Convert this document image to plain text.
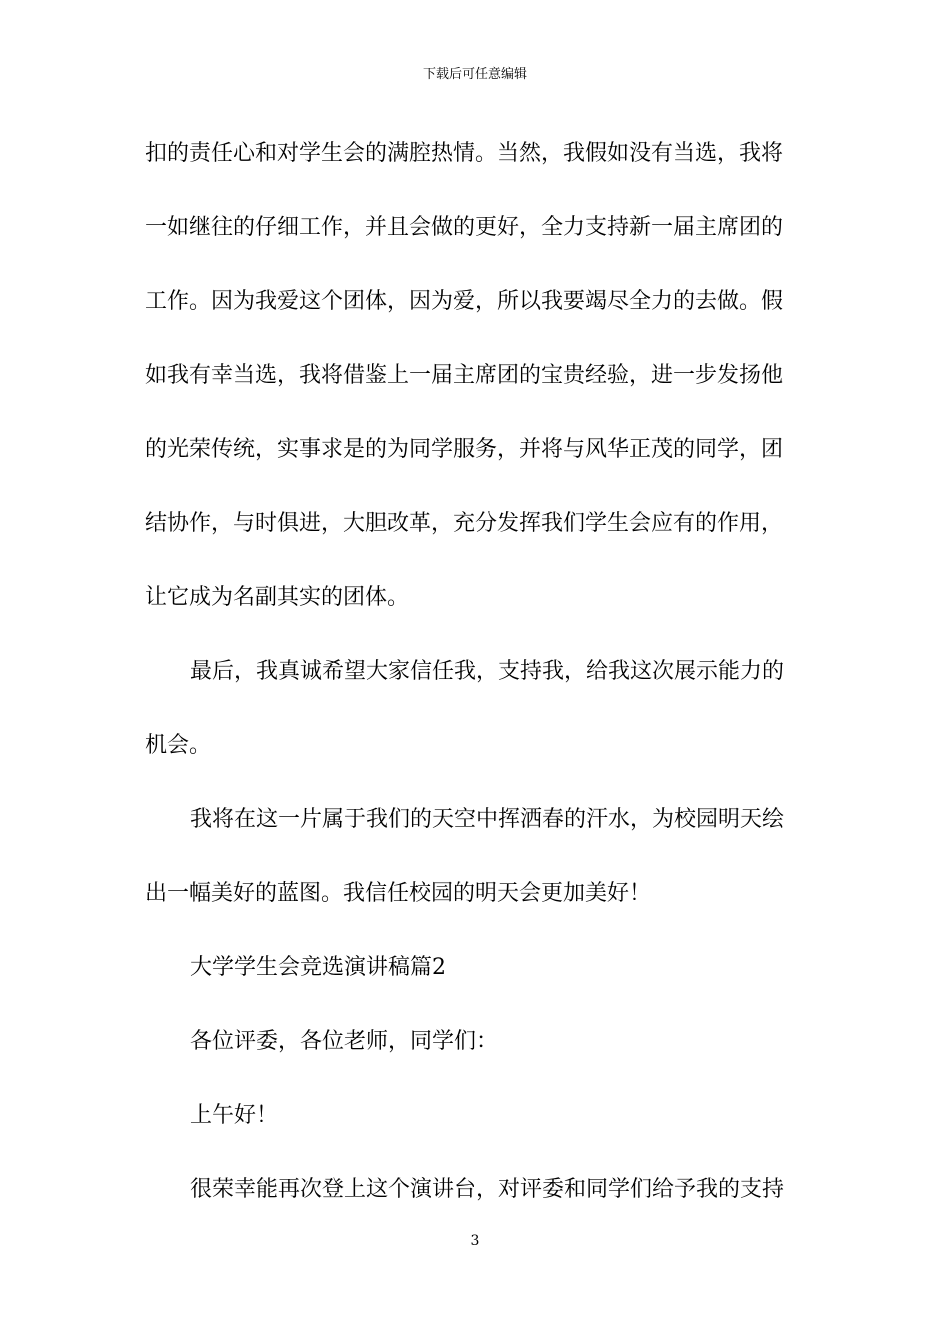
下载后可任意编辑
扣的责任心和对学生会的满腔热情。当然，我假如没有当选，我将
一如继往的仔细工作，并且会做的更好，全力支持新一届主席团的
工作。因为我爱这个团体，因为爱，所以我要竭尽全力的去做。假
如我有幸当选，我将借鉴上一届主席团的宝贵经验，进一步发扬他
的光荣传统，实事求是的为同学服务，并将与风华正茂的同学，团
结协作，与时俱进，大胆改革，充分发挥我们学生会应有的作用，
让它成为名副其实的团体。
最后，我真诚希望大家信任我，支持我，给我这次展示能力的
机会。
我将在这一片属于我们的天空中挥洒春的汗水，为校园明天绘
出一幅美好的蓝图。我信任校园的明天会更加美好！
大学学生会竞选演讲稿篇2
各位评委，各位老师，同学们：
上午好！
很荣幸能再次登上这个演讲台，对评委和同学们给予我的支持
3
